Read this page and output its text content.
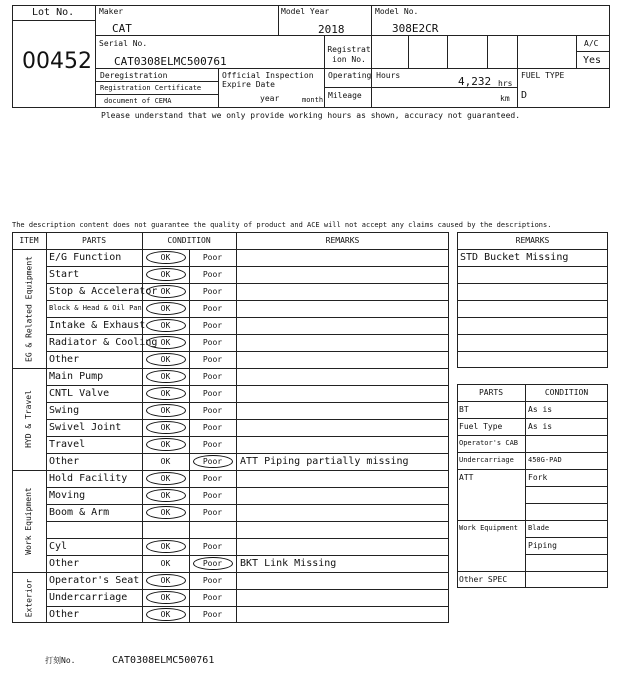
Lot No.
00452
Maker
CAT
Model Year
2018
Model No.
308E2CR
Serial No.
CAT0308ELMC500761
Registration No.
A/C
Yes
Deregistration
Registration Certificate
document of CEMA
Official Inspection
Expire Date
year	month
Operating Hours	4,232 hrs
Mileage	km
FUEL TYPE
D
Please understand that we only provide working hours as shown, accuracy not guaranteed.
The description content does not guarantee the quality of product and ACE will not accept any claims caused by the descriptions.
ITEM	PARTS	CONDITION	REMARKS
E/G Function	OK	Poor
Start	OK	Poor
Stop & Accelerator OK	Poor
Block & Head & Oil Pan	OK	Poor
Intake & Exhaust	OK	Poor
Radiator & Cooling OK	Poor
Other	OK	Poor
EG & Related Equipment
Main Pump	OK	Poor
CNTL Valve	OK	Poor
Swing	OK	Poor
Swivel Joint	OK	Poor
Travel	OK	Poor
Other	OK	Poor	ATT Piping partially missing
HYD & Travel
Hold Facility	OK	Poor
Moving	OK	Poor
Boom & Arm	OK	Poor
Cyl	OK	Poor
Other	OK	Poor	BKT Link Missing
Work Equipment
Operator's Seat	OK	Poor
Undercarriage	OK	Poor
Other	OK	Poor
Exterior
REMARKS
STD Bucket Missing
PARTS	CONDITION
BT	As is
Fuel Type	As is
Operator's CAB
Undercarriage 450G-PAD
ATT	Fork
Work Equipment Blade
Piping
Other SPEC
打刻No.	CAT0308ELMC500761
